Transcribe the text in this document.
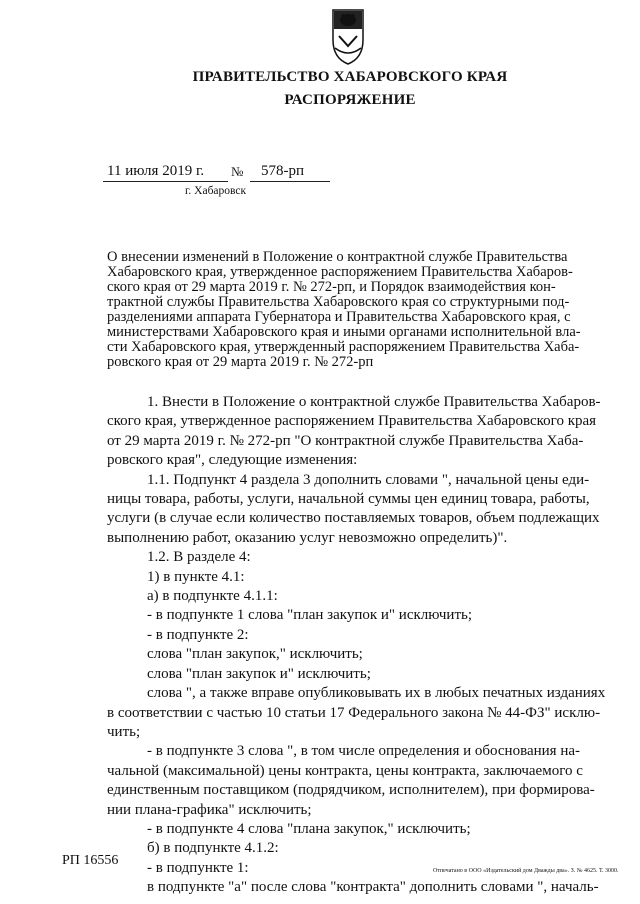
ПРАВИТЕЛЬСТВО ХАБАРОВСКОГО КРАЯ
РАСПОРЯЖЕНИЕ
11 июля 2019 г. № 578-рп
г. Хабаровск
О внесении изменений в Положение о контрактной службе Правительства
Хабаровского края, утвержденное распоряжением Правительства Хабаров-
ского края от 29 марта 2019 г. № 272-рп, и Порядок взаимодействия кон-
трактной службы Правительства Хабаровского края со структурными под-
разделениями аппарата Губернатора и Правительства Хабаровского края, с
министерствами Хабаровского края и иными органами исполнительной вла-
сти Хабаровского края, утвержденный распоряжением Правительства Хаба-
ровского края от 29 марта 2019 г. № 272-рп
1. Внести в Положение о контрактной службе Правительства Хабаров-
ского края, утвержденное распоряжением Правительства Хабаровского края
от 29 марта 2019 г. № 272-рп "О контрактной службе Правительства Хаба-
ровского края", следующие изменения:
1.1. Подпункт 4 раздела 3 дополнить словами ", начальной цены еди-
ницы товара, работы, услуги, начальной суммы цен единиц товара, работы,
услуги (в случае если количество поставляемых товаров, объем подлежащих
выполнению работ, оказанию услуг невозможно определить)".
1.2. В разделе 4:
1) в пункте 4.1:
а) в подпункте 4.1.1:
- в подпункте 1 слова "план закупок и" исключить;
- в подпункте 2:
слова "план закупок," исключить;
слова "план закупок и" исключить;
слова ", а также вправе опубликовывать их в любых печатных изданиях
в соответствии с частью 10 статьи 17 Федерального закона № 44-ФЗ" исклю-
чить;
- в подпункте 3 слова ", в том числе определения и обоснования на-
чальной (максимальной) цены контракта, цены контракта, заключаемого с
единственным поставщиком (подрядчиком, исполнителем), при формирова-
нии плана-графика" исключить;
- в подпункте 4 слова "плана закупок," исключить;
б) в подпункте 4.1.2:
- в подпункте 1:
в подпункте "а" после слова "контракта" дополнить словами ", началь-
РП 16556
Отпечатано в ООО «Издательский дом Дважды два». З. № 4625. Т. 3000.
